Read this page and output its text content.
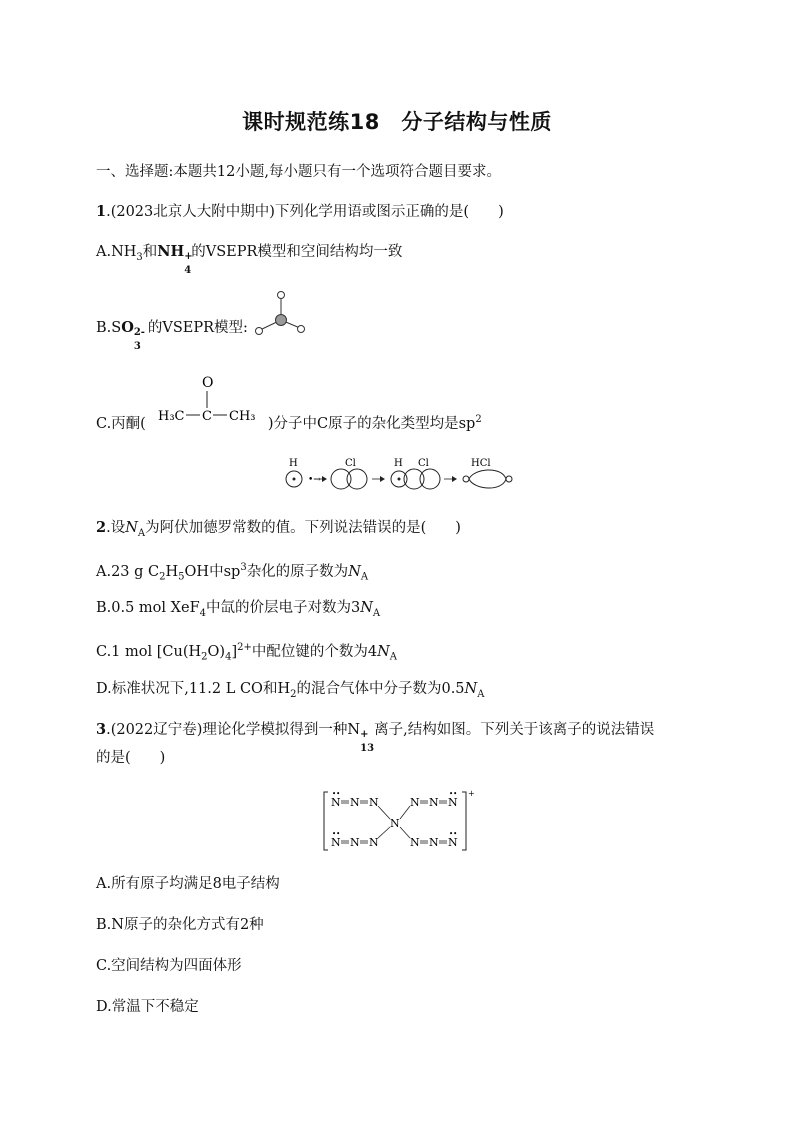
课时规范练18　分子结构与性质
一、选择题:本题共12小题,每小题只有一个选项符合题目要求。
1.(2023北京人大附中期中)下列化学用语或图示正确的是(　　)
$A.NH_3$和NH +
4
的VSEPR模型和空间结构均一致
B.SO 2-
3
的VSEPR模型:
C.丙酮(	)分子中C原子的杂化类型均是$sp^2$
O
H₃C C CH₃
H
•→
Cl	H Cl	HCl
2.设$N_A$为阿伏加德罗常数的值。下列说法错误的是(　　)
A.23 g $C_2H_5OH$中$sp^3$杂化的原子数为$N_A$
B.0.5 mol XeF$_4$中氙的价层电子对数为$3N_A$
C.1 mol $[Cu(H_2O)_4]^{2+}$中配位键的个数为$4N_A$
D.标准状况下,11.2 L CO和$H_2$的混合气体中分子数为$0.5N_A$
3.(2022辽宁卷)理论化学模拟得到一种N +
13
离子,结构如图。下列关于该离子的说法错误
的是(　　)
+
N
••
N N
N
••
N N
N
N N N
••
N N N
••
A.所有原子均满足8电子结构
B.N原子的杂化方式有2种
C.空间结构为四面体形
D.常温下不稳定
